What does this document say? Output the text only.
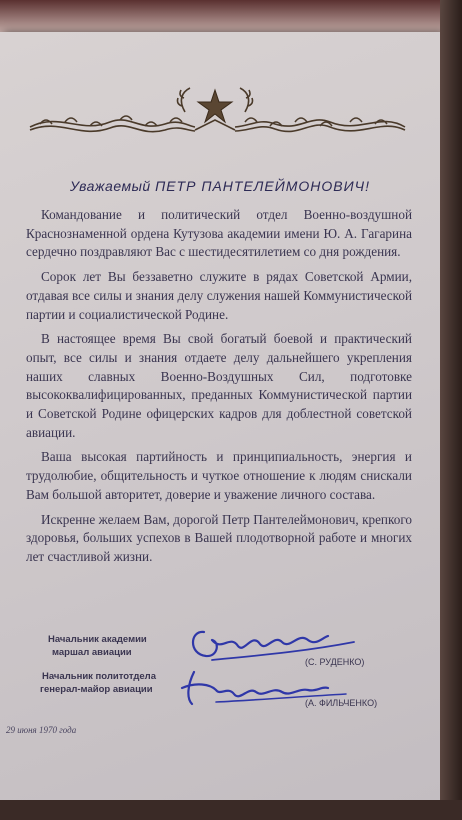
Уважаемый ПЕТР ПАНТЕЛЕЙМОНОВИЧ!

Командование и политический отдел Военно-воздушной Краснознаменной ордена Кутузова академии имени Ю. А. Гагарина сердечно поздравляют Вас с шестидесятилетием со дня рождения.

Сорок лет Вы беззаветно служите в рядах Советской Армии, отдавая все силы и знания делу служения нашей Коммунистической партии и социалистической Родине.

В настоящее время Вы свой богатый боевой и практический опыт, все силы и знания отдаете делу дальнейшего укрепления наших славных Военно-Воздушных Сил, подготовке высококвалифицированных, преданных Коммунистической партии и Советской Родине офицерских кадров для доблестной советской авиации.

Ваша высокая партийность и принципиальность, энергия и трудолюбие, общительность и чуткое отношение к людям снискали Вам большой авторитет, доверие и уважение личного состава.

Искренне желаем Вам, дорогой Петр Пантелеймонович, крепкого здоровья, больших успехов в Вашей плодотворной работе и многих лет счастливой жизни.

Начальник академии
маршал авиации
(С. РУДЕНКО)
Начальник политотдела
генерал-майор авиации
(А. ФИЛЬЧЕНКО)
29 июня 1970 года
